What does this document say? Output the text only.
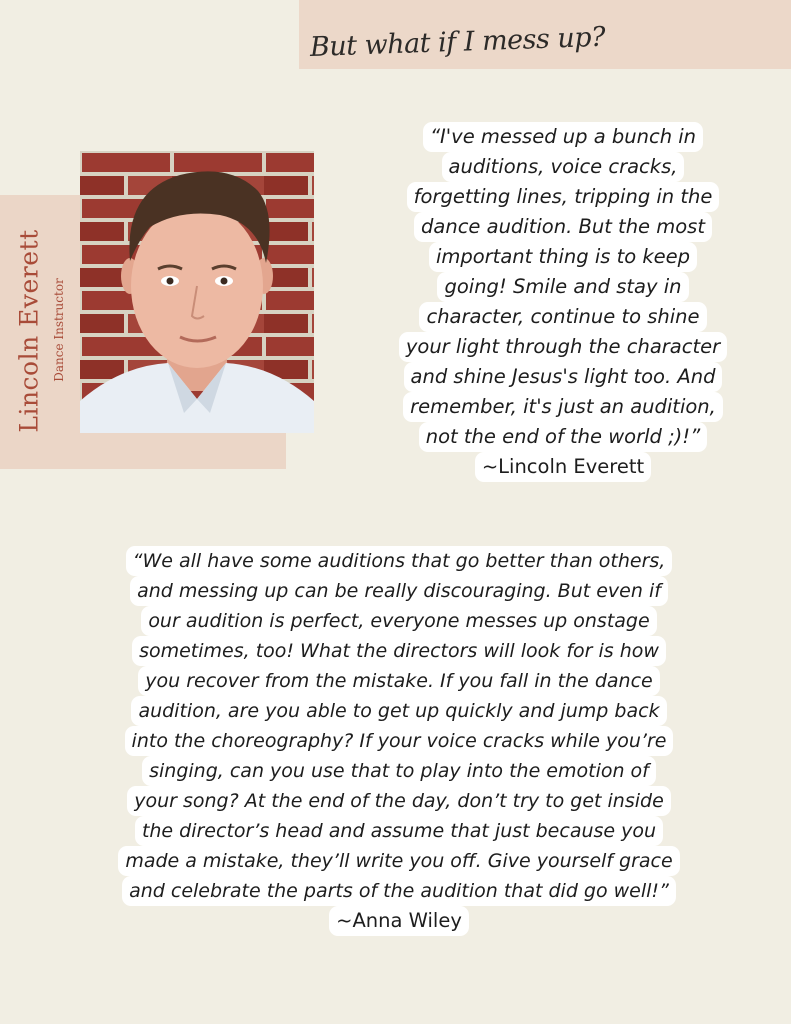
But what if I mess up?
Lincoln Everett Dance Instructor
“I've messed up a bunch in
auditions, voice cracks,
forgetting lines, tripping in the
dance audition. But the most
important thing is to keep
going! Smile and stay in
character, continue to shine
your light through the character
and shine Jesus's light too. And
remember, it's just an audition,
not the end of the world ;)!”
~Lincoln Everett
“We all have some auditions that go better than others,
and messing up can be really discouraging. But even if
our audition is perfect, everyone messes up onstage
sometimes, too! What the directors will look for is how
you recover from the mistake. If you fall in the dance
audition, are you able to get up quickly and jump back
into the choreography? If your voice cracks while you’re
singing, can you use that to play into the emotion of
your song? At the end of the day, don’t try to get inside
the director’s head and assume that just because you
made a mistake, they’ll write you off. Give yourself grace
and celebrate the parts of the audition that did go well!”
~Anna Wiley
